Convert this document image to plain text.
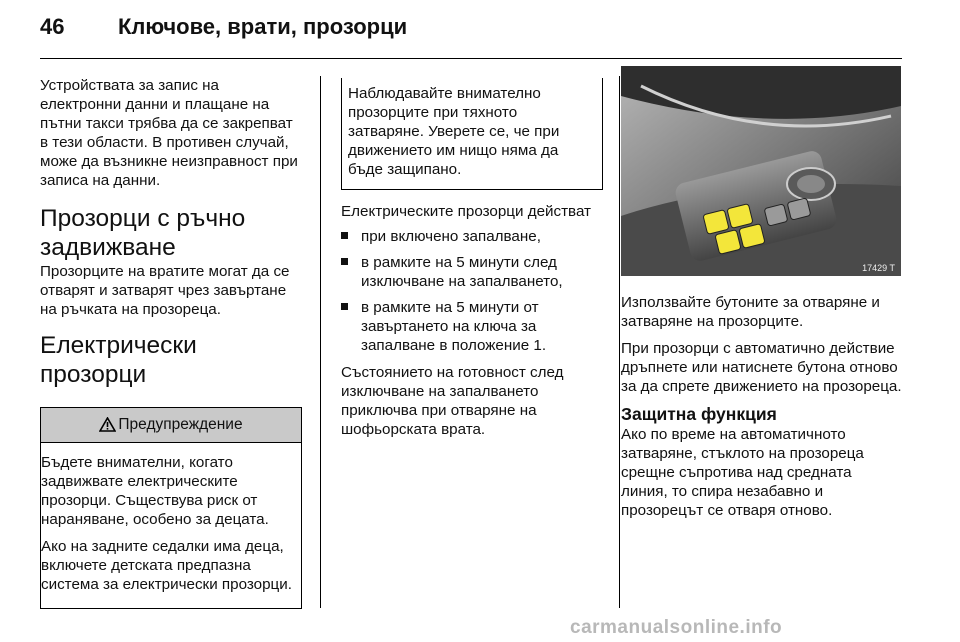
46 Ключове, врати, прозорци

Устройствата за запис на електронни данни и плащане на пътни такси трябва да се закрепват в тези области. В противен случай, може да възникне неизправност при записа на данни.

Прозорци с ръчно задвижване

Прозорците на вратите могат да се отварят и затварят чрез завъртане на ръчката на прозореца.

Електрически прозорци
Предупреждение

Бъдете внимателни, когато задвижвате електрическите прозорци. Съществува риск от нараняване, особено за децата.

Ако на задните седалки има деца, включете детската предпазна система за електрически прозорци.

Наблюдавайте внимателно прозорците при тяхното затваряне. Уверете се, че при движението им нищо няма да бъде защипано.

Електрическите прозорци действат

при включено запалване,
в рамките на 5 минути след изключване на запалването,
в рамките на 5 минути от завъртането на ключа за запалване в положение 1.

Състоянието на готовност след изключване на запалването приключва при отваряне на шофьорската врата.

17429 T

Използвайте бутоните за отваряне и затваряне на прозорците.

При прозорци с автоматично действие дръпнете или натиснете бутона отново за да спрете движението на прозореца.

Защитна функция

Ако по време на автоматичното затваряне, стъклото на прозореца срещне съпротива над средната линия, то спира незабавно и прозорецът се отваря отново.

carmanualsonline.info
